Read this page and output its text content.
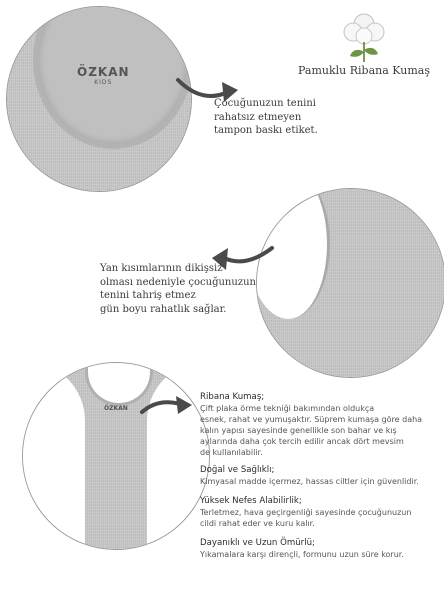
Pamuklu Ribana Kumaş
ÖZKAN
KIDS
Çocuğunuzun tenini
rahatsız etmeyen
tampon baskı etiket.
Yan kısımlarının dikişsiz
olması nedeniyle çocuğunuzun
tenini tahriş etmez
gün boyu rahatlık sağlar.
ÖZKAN
Ribana Kumaş;
Çift plaka örme tekniği bakımından oldukça
esnek, rahat ve yumuşaktır. Süprem kumaşa göre daha
kalın yapısı sayesinde genellikle son bahar ve kış
aylarında daha çok tercih edilir ancak dört mevsim
de kullanılabilir.
Doğal ve Sağlıklı;
Kimyasal madde içermez, hassas ciltler için güvenlidir.
Yüksek Nefes Alabilirlik;
Terletmez, hava geçirgenliği sayesinde çocuğunuzun
cildi rahat eder ve kuru kalır.
Dayanıklı ve Uzun Ömürlü;
Yıkamalara karşı dirençli, formunu uzun süre korur.
